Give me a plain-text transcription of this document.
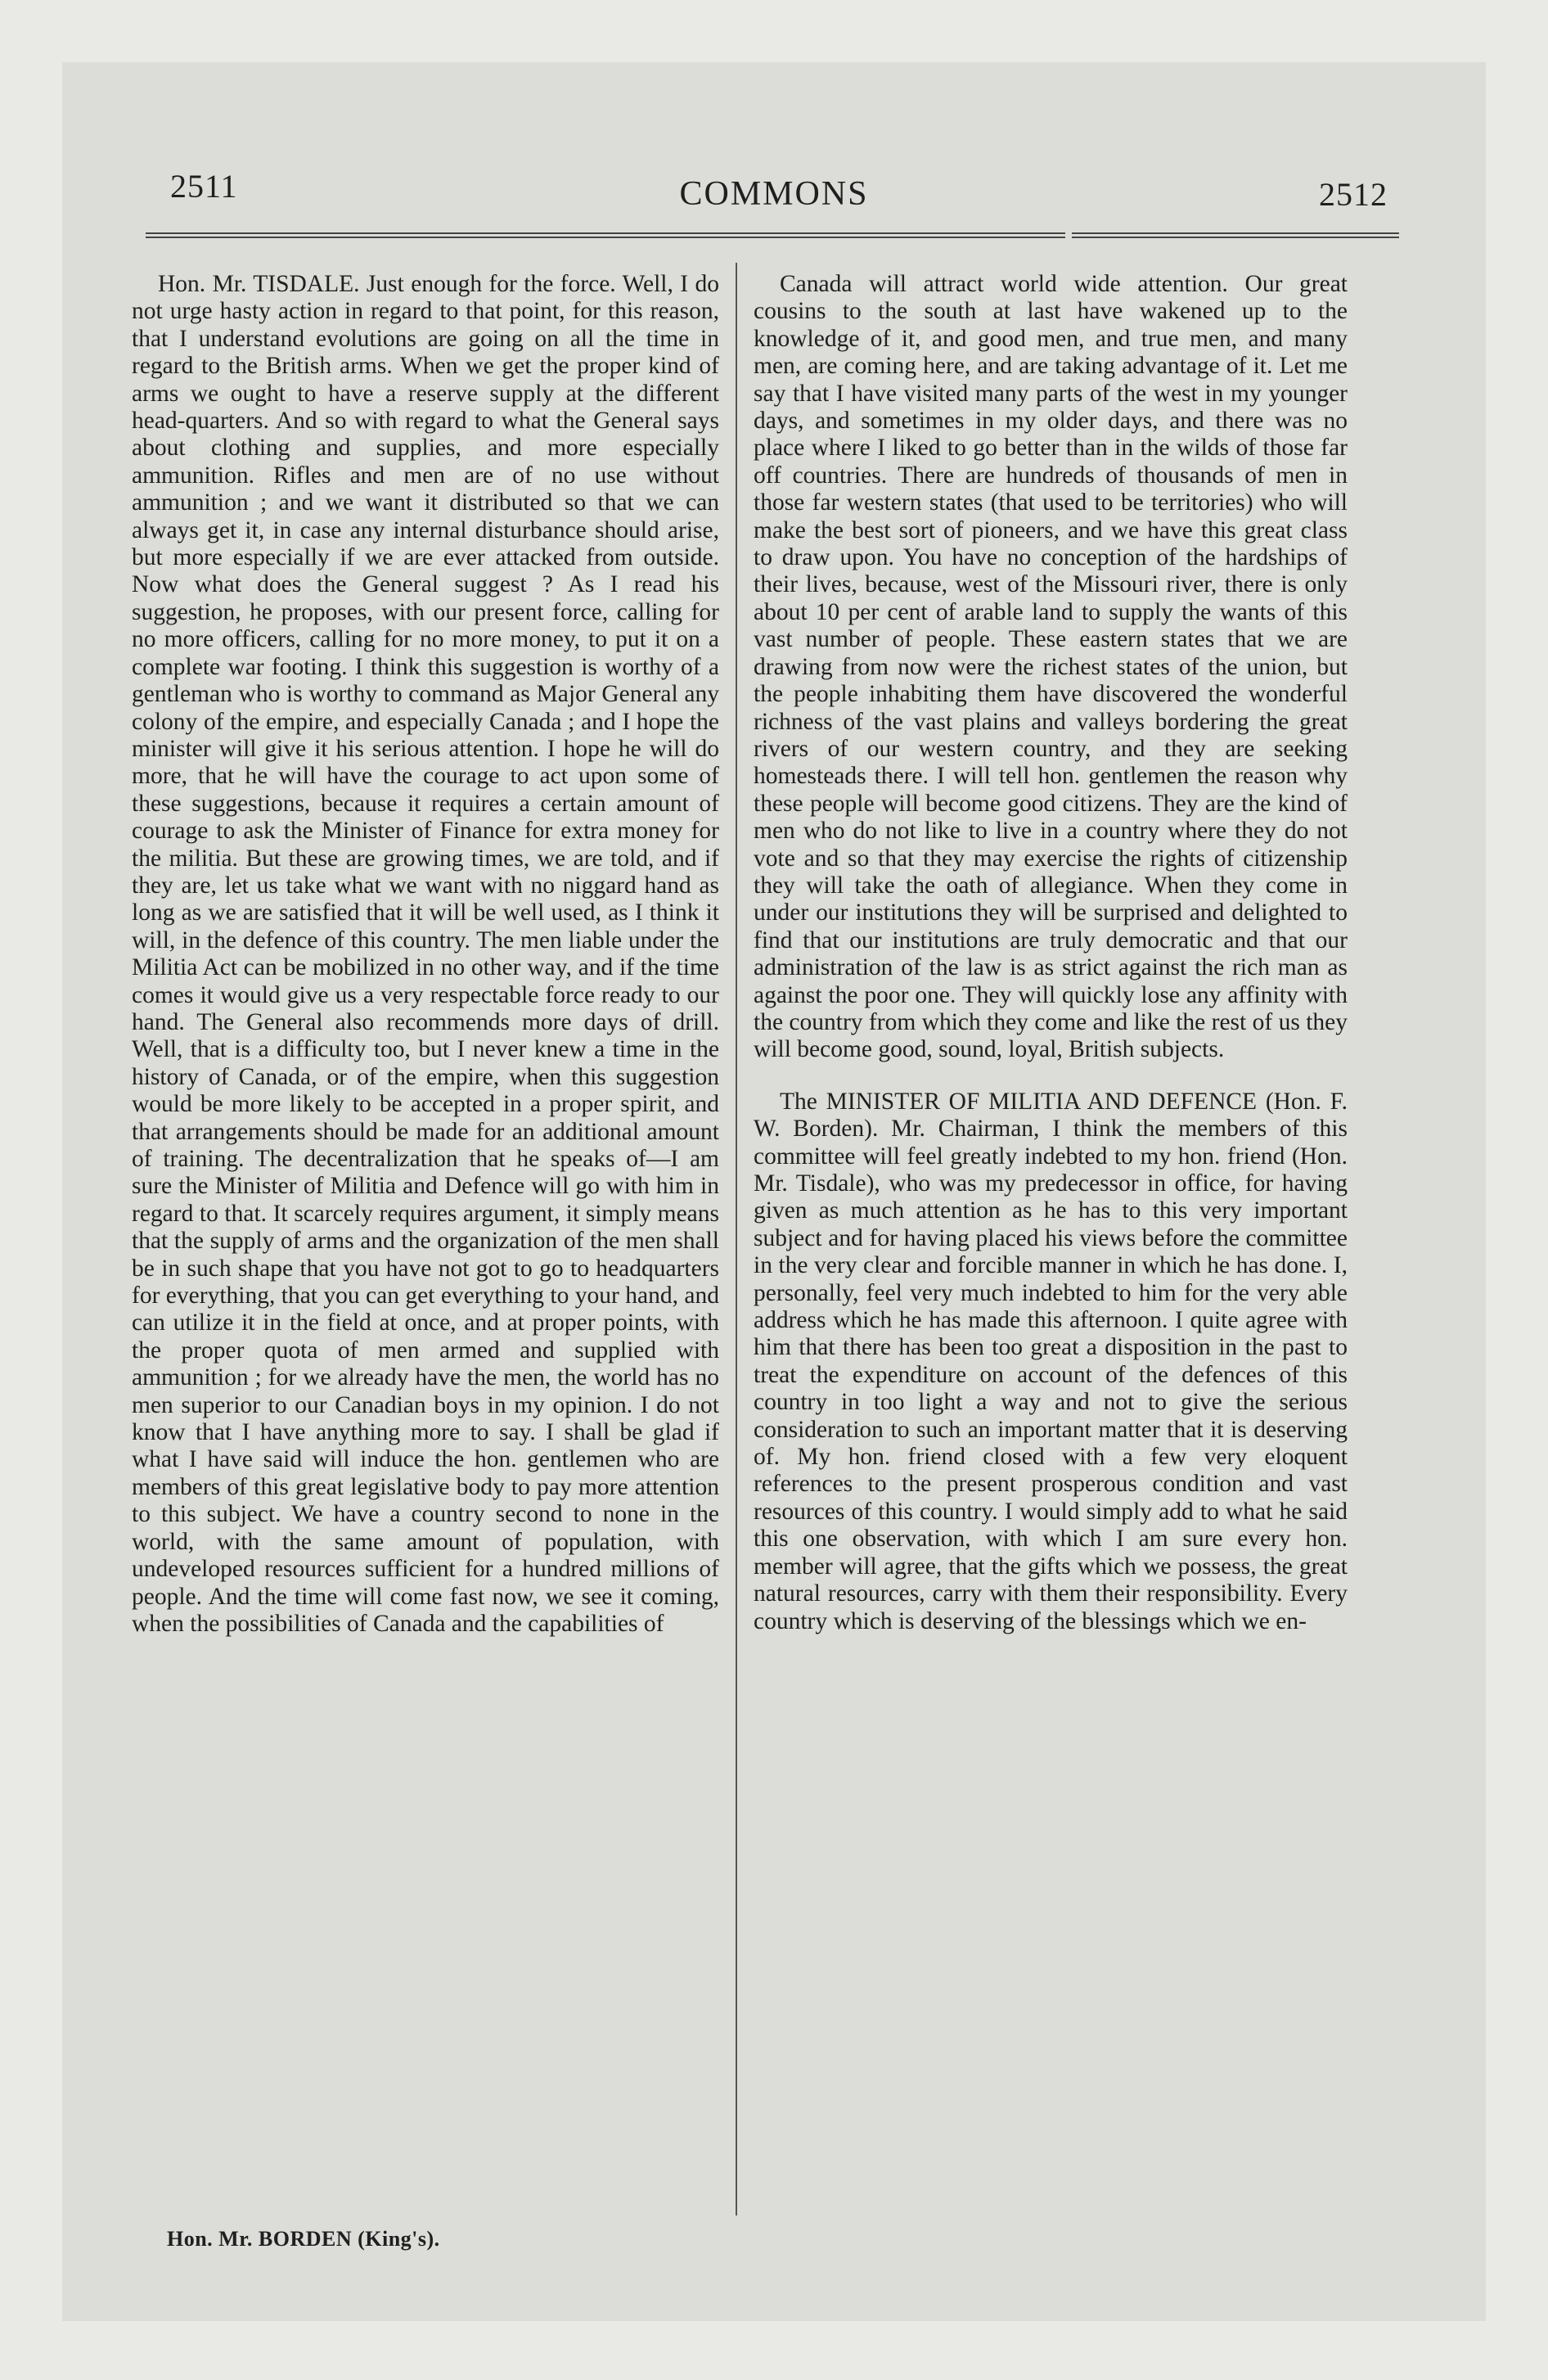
2511	COMMONS	2512

Hon. Mr. TISDALE. Just enough for the force. Well, I do not urge hasty action in regard to that point, for this reason, that I understand evolutions are going on all the time in regard to the British arms. When we get the proper kind of arms we ought to have a reserve supply at the different head-quarters. And so with regard to what the General says about clothing and supplies, and more especially ammunition. Rifles and men are of no use without ammunition ; and we want it distributed so that we can always get it, in case any internal disturbance should arise, but more especially if we are ever attacked from outside. Now what does the General suggest ? As I read his suggestion, he proposes, with our present force, calling for no more officers, calling for no more money, to put it on a complete war footing. I think this suggestion is worthy of a gentleman who is worthy to command as Major General any colony of the empire, and especially Canada ; and I hope the minister will give it his serious attention. I hope he will do more, that he will have the courage to act upon some of these suggestions, because it requires a certain amount of courage to ask the Minister of Finance for extra money for the militia. But these are growing times, we are told, and if they are, let us take what we want with no niggard hand as long as we are satisfied that it will be well used, as I think it will, in the defence of this country. The men liable under the Militia Act can be mobilized in no other way, and if the time comes it would give us a very respectable force ready to our hand. The General also recommends more days of drill. Well, that is a difficulty too, but I never knew a time in the history of Canada, or of the empire, when this suggestion would be more likely to be accepted in a proper spirit, and that arrangements should be made for an additional amount of training. The decentralization that he speaks of—I am sure the Minister of Militia and Defence will go with him in regard to that. It scarcely requires argument, it simply means that the supply of arms and the organization of the men shall be in such shape that you have not got to go to headquarters for everything, that you can get everything to your hand, and can utilize it in the field at once, and at proper points, with the proper quota of men armed and supplied with ammunition ; for we already have the men, the world has no men superior to our Canadian boys in my opinion. I do not know that I have anything more to say. I shall be glad if what I have said will induce the hon. gentlemen who are members of this great legislative body to pay more attention to this subject. We have a country second to none in the world, with the same amount of population, with undeveloped resources sufficient for a hundred millions of people. And the time will come fast now, we see it coming, when the possibilities of Canada and the capabilities of

Canada will attract world wide attention. Our great cousins to the south at last have wakened up to the knowledge of it, and good men, and true men, and many men, are coming here, and are taking advantage of it. Let me say that I have visited many parts of the west in my younger days, and sometimes in my older days, and there was no place where I liked to go better than in the wilds of those far off countries. There are hundreds of thousands of men in those far western states (that used to be territories) who will make the best sort of pioneers, and we have this great class to draw upon. You have no conception of the hardships of their lives, because, west of the Missouri river, there is only about 10 per cent of arable land to supply the wants of this vast number of people. These eastern states that we are drawing from now were the richest states of the union, but the people inhabiting them have discovered the wonderful richness of the vast plains and valleys bordering the great rivers of our western country, and they are seeking homesteads there. I will tell hon. gentlemen the reason why these people will become good citizens. They are the kind of men who do not like to live in a country where they do not vote and so that they may exercise the rights of citizenship they will take the oath of allegiance. When they come in under our institutions they will be surprised and delighted to find that our institutions are truly democratic and that our administration of the law is as strict against the rich man as against the poor one. They will quickly lose any affinity with the country from which they come and like the rest of us they will become good, sound, loyal, British subjects.

The MINISTER OF MILITIA AND DEFENCE (Hon. F. W. Borden). Mr. Chairman, I think the members of this committee will feel greatly indebted to my hon. friend (Hon. Mr. Tisdale), who was my predecessor in office, for having given as much attention as he has to this very important subject and for having placed his views before the committee in the very clear and forcible manner in which he has done. I, personally, feel very much indebted to him for the very able address which he has made this afternoon. I quite agree with him that there has been too great a disposition in the past to treat the expenditure on account of the defences of this country in too light a way and not to give the serious consideration to such an important matter that it is deserving of. My hon. friend closed with a few very eloquent references to the present prosperous condition and vast resources of this country. I would simply add to what he said this one observation, with which I am sure every hon. member will agree, that the gifts which we possess, the great natural resources, carry with them their responsibility. Every country which is deserving of the blessings which we en-

Hon. Mr. BORDEN (King's).
